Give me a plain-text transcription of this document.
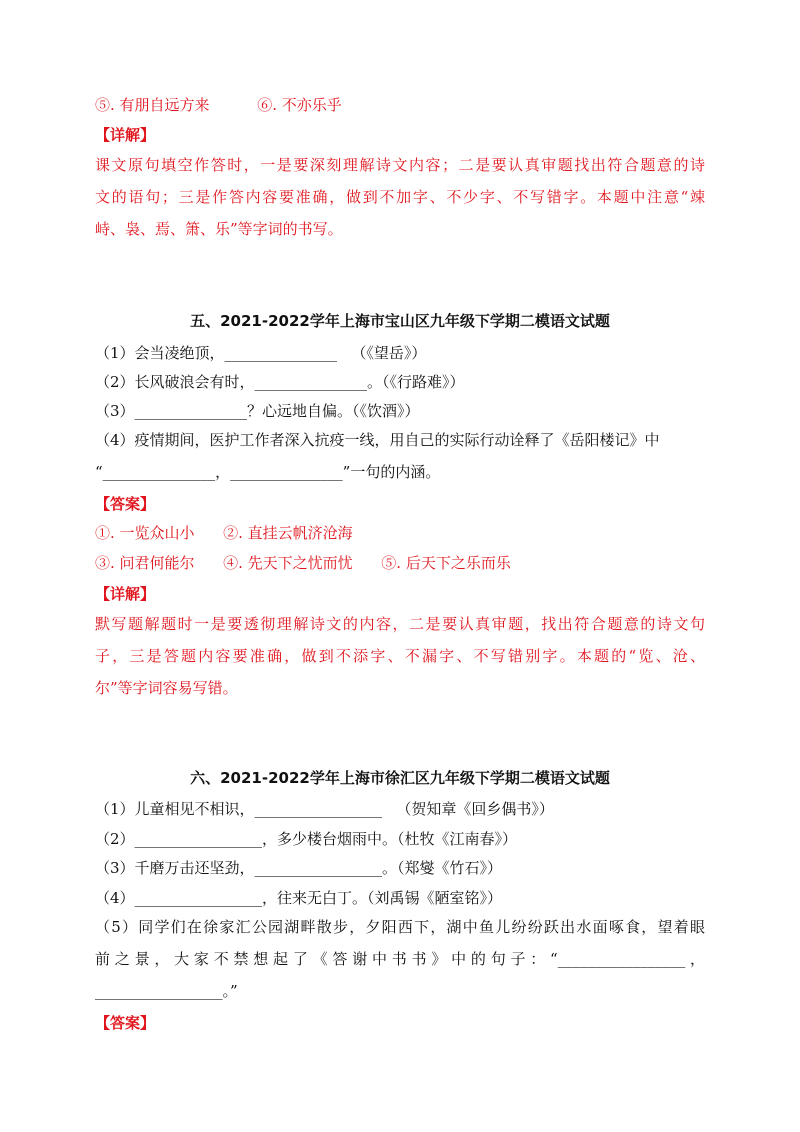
⑤. 有朋自远方来          ⑥. 不亦乐乎

【详解】

课文原句填空作答时，一是要深刻理解诗文内容；二是要认真审题找出符合题意的诗

文的语句；三是作答内容要准确，做到不加字、不少字、不写错字。本题中注意“竦

峙、袅、焉、箫、乐”等字词的书写。

五、2021-2022学年上海市宝山区九年级下学期二模语文试题

（1）会当凌绝顶，_______________   （《望岳》）

（2）长风破浪会有时，_______________。（《行路难》）

（3）_______________？心远地自偏。（《饮酒》）

（4）疫情期间，医护工作者深入抗疫一线，用自己的实际行动诠释了《岳阳楼记》中

“_______________，_______________”一句的内涵。

【答案】

①. 一览众山小      ②. 直挂云帆济沧海

③. 问君何能尔      ④. 先天下之忧而忧      ⑤. 后天下之乐而乐

【详解】

默写题解题时一是要透彻理解诗文的内容，二是要认真审题，找出符合题意的诗文句

子，三是答题内容要准确，做到不添字、不漏字、不写错别字。本题的“览、沧、

尔”等字词容易写错。

六、2021-2022学年上海市徐汇区九年级下学期二模语文试题

（1）儿童相见不相识，_________________   （贺知章《回乡偶书》）

（2）_________________，多少楼台烟雨中。（杜牧《江南春》）

（3）千磨万击还坚劲，_________________。（郑燮《竹石》）

（4）_________________，往来无白丁。（刘禹锡《陋室铭》）

（5）同学们在徐家汇公园湖畔散步，夕阳西下，湖中鱼儿纷纷跃出水面啄食，望着眼

前之景，大家不禁想起了《答谢中书书》中的句子：“_________________，

_________________。”

【答案】
